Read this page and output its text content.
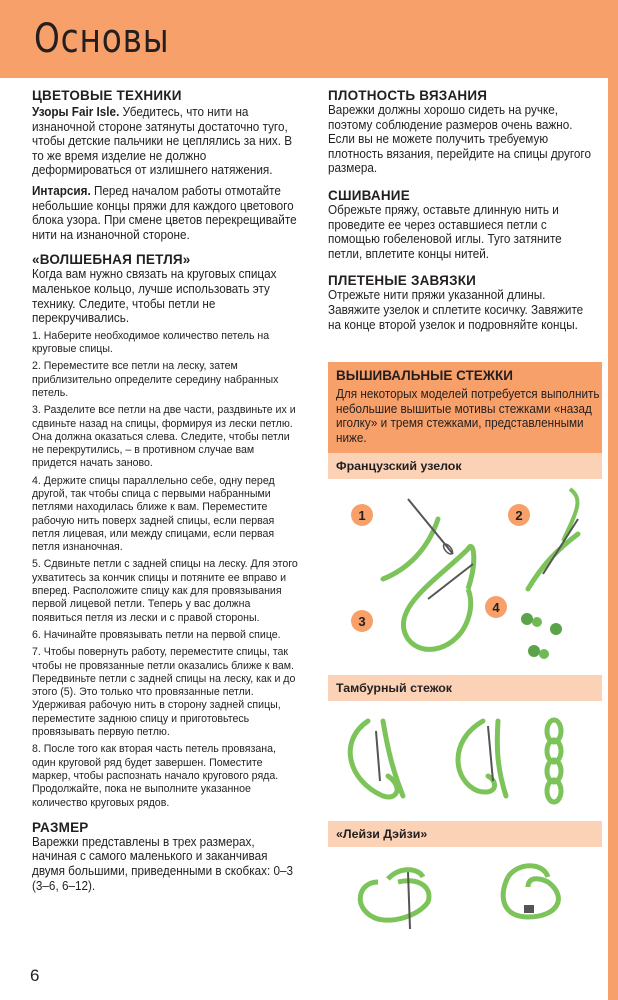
Основы
ЦВЕТОВЫЕ ТЕХНИКИ

Узоры Fair Isle. Убедитесь, что нити на изнаночной стороне затянуты достаточно туго, чтобы детские пальчики не цеплялись за них. В то же время изделие не должно деформироваться от излишнего натяжения.

Интарсия. Перед началом работы отмотайте небольшие концы пряжи для каждого цветового блока узора. При смене цветов перекрещивайте нити на изнаночной стороне.

«ВОЛШЕБНАЯ ПЕТЛЯ»

Когда вам нужно связать на круговых спицах маленькое кольцо, лучше использовать эту технику. Следите, чтобы петли не перекручивались.

1. Наберите необходимое количество петель на круговые спицы.

2. Переместите все петли на леску, затем приблизительно определите середину набранных петель.

3. Разделите все петли на две части, раздвиньте их и сдвиньте назад на спицы, формируя из лески петлю. Она должна оказаться слева. Следите, чтобы петли не перекрутились, – в противном случае вам придется начать заново.

4. Держите спицы параллельно себе, одну перед другой, так чтобы спица с первыми набранными петлями находилась ближе к вам. Переместите рабочую нить поверх задней спицы, если первая петля лицевая, или между спицами, если первая петля изнаночная.

5. Сдвиньте петли с задней спицы на леску. Для этого ухватитесь за кончик спицы и потяните ее вправо и вперед. Расположите спицу как для провязывания первой лицевой петли. Теперь у вас должна появиться петля из лески и с правой стороны.

6. Начинайте провязывать петли на первой спице.

7. Чтобы повернуть работу, переместите спицы, так чтобы не провязанные петли оказались ближе к вам. Передвиньте петли с задней спицы на леску, как и до этого (5). Это только что провязанные петли. Удерживая рабочую нить в сторону задней спицы, переместите заднюю спицу и приготовьтесь провязывать первую петлю.

8. После того как вторая часть петель провязана, один круговой ряд будет завершен. Поместите маркер, чтобы распознать начало кругового ряда. Продолжайте, пока не выполните указанное количество круговых рядов.

РАЗМЕР

Варежки представлены в трех размерах, начиная с самого маленького и заканчивая двумя большими, приведенными в скобках: 0–3 (3–6, 6–12).

ПЛОТНОСТЬ ВЯЗАНИЯ

Варежки должны хорошо сидеть на ручке, поэтому соблюдение размеров очень важно. Если вы не можете получить требуемую плотность вязания, перейдите на спицы другого размера.

СШИВАНИЕ

Обрежьте пряжу, оставьте длинную нить и проведите ее через оставшиеся петли с помощью гобеленовой иглы. Туго затяните петли, вплетите концы нитей.

ПЛЕТЕНЫЕ ЗАВЯЗКИ

Отрежьте нити пряжи указанной длины. Завяжите узелок и сплетите косичку. Завяжите на конце второй узелок и подровняйте концы.

ВЫШИВАЛЬНЫЕ СТЕЖКИ

Для некоторых моделей потребуется выполнить небольшие вышитые мотивы стежками «назад иголку» и тремя стежками, представленными ниже.

Французский узелок
1	2
3
4
Тамбурный стежок
«Лейзи Дэйзи»
6
